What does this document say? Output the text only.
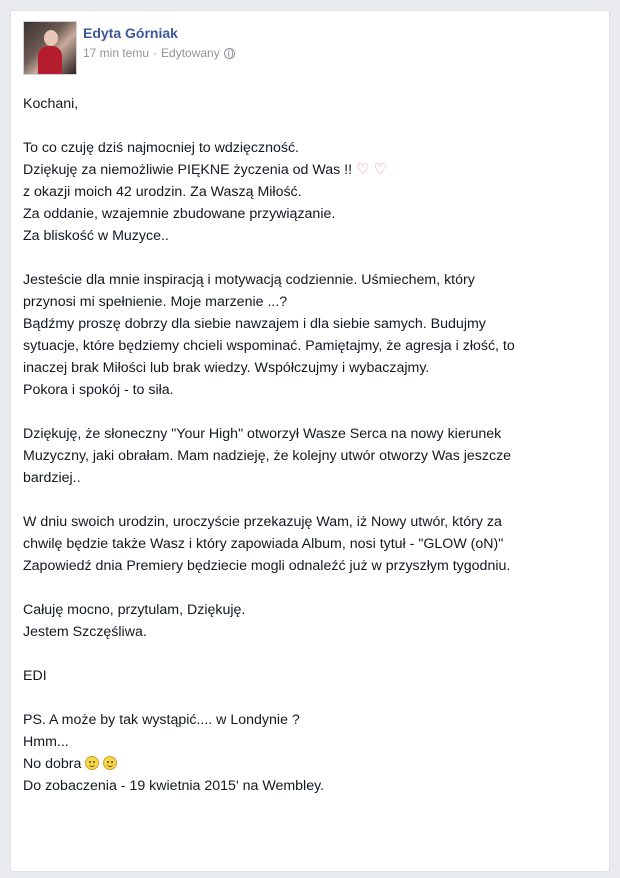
Edyta Górniak
17 min temu · Edytowany
Kochani,
To co czuję dziś najmocniej to wdzięczność.
Dziękuję za niemożliwie PIĘKNE życzenia od Was !! ♡ ♡
z okazji moich 42 urodzin. Za Waszą Miłość.
Za oddanie, wzajemnie zbudowane przywiązanie.
Za bliskość w Muzyce..
Jesteście dla mnie inspiracją i motywacją codziennie. Uśmiechem, który
przynosi mi spełnienie. Moje marzenie ...?
Bądźmy proszę dobrzy dla siebie nawzajem i dla siebie samych. Budujmy
sytuacje, które będziemy chcieli wspominać. Pamiętajmy, że agresja i złość, to
inaczej brak Miłości lub brak wiedzy. Współczujmy i wybaczajmy.
Pokora i spokój - to siła.
Dziękuję, że słoneczny "Your High" otworzył Wasze Serca na nowy kierunek
Muzyczny, jaki obrałam. Mam nadzieję, że kolejny utwór otworzy Was jeszcze
bardziej..
W dniu swoich urodzin, uroczyście przekazuję Wam, iż Nowy utwór, który za
chwilę będzie także Wasz i który zapowiada Album, nosi tytuł - "GLOW (oN)"
Zapowiedź dnia Premiery będziecie mogli odnaleźć już w przyszłym tygodniu.
Całuję mocno, przytulam, Dziękuję.
Jestem Szczęśliwa.
EDI
PS. A może by tak wystąpić.... w Londynie ?
Hmm...
No dobra
Do zobaczenia - 19 kwietnia 2015' na Wembley.
